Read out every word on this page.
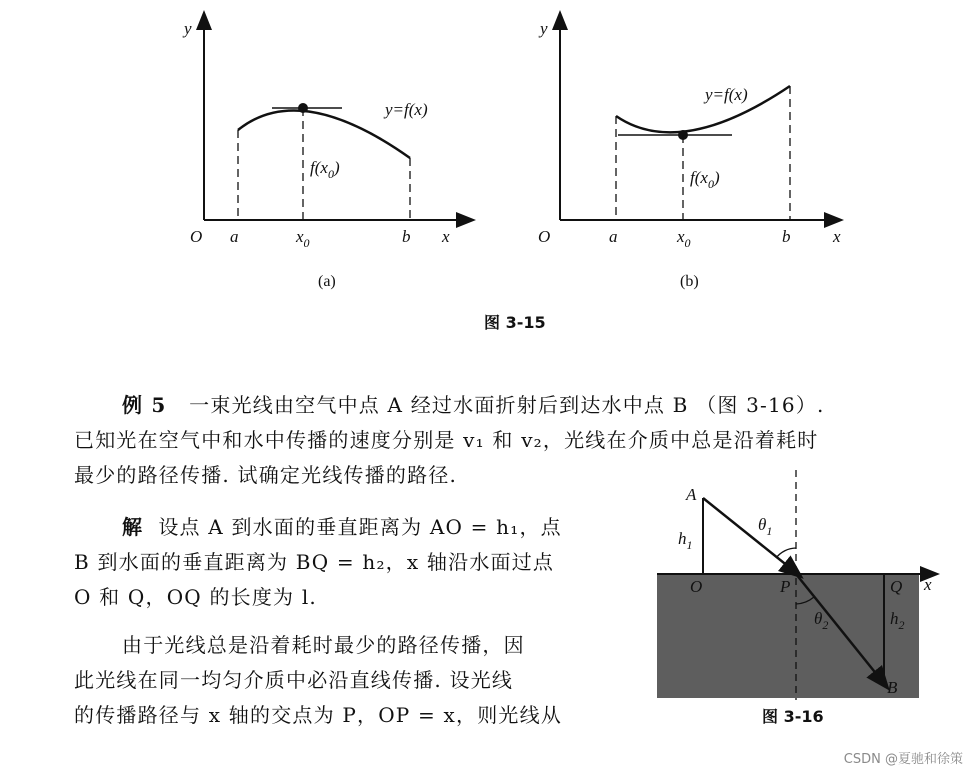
y
x
O a	$x_0$	b
y=f(x)
$f(x_0)$
(a)
y
x
O	a	$x_0$	b
y=f(x)
$f(x_0)$
(b)
图 3-15
A
B
O	P	Q x
$h_1$
$h_2$
$\theta_1$
$\theta_2$
图 3-16

例 5 一束光线由空气中点 A 经过水面折射后到达水中点 B （图 3-16）.
已知光在空气中和水中传播的速度分别是 v₁ 和 v₂，光线在介质中总是沿着耗时
最少的路径传播. 试确定光线传播的路径.

解 设点 A 到水面的垂直距离为 AO = h₁，点
B 到水面的垂直距离为 BQ = h₂，x 轴沿水面过点
O 和 Q，OQ 的长度为 l.

由于光线总是沿着耗时最少的路径传播，因
此光线在同一均匀介质中必沿直线传播. 设光线
的传播路径与 x 轴的交点为 P，OP = x，则光线从

CSDN @夏驰和徐策
